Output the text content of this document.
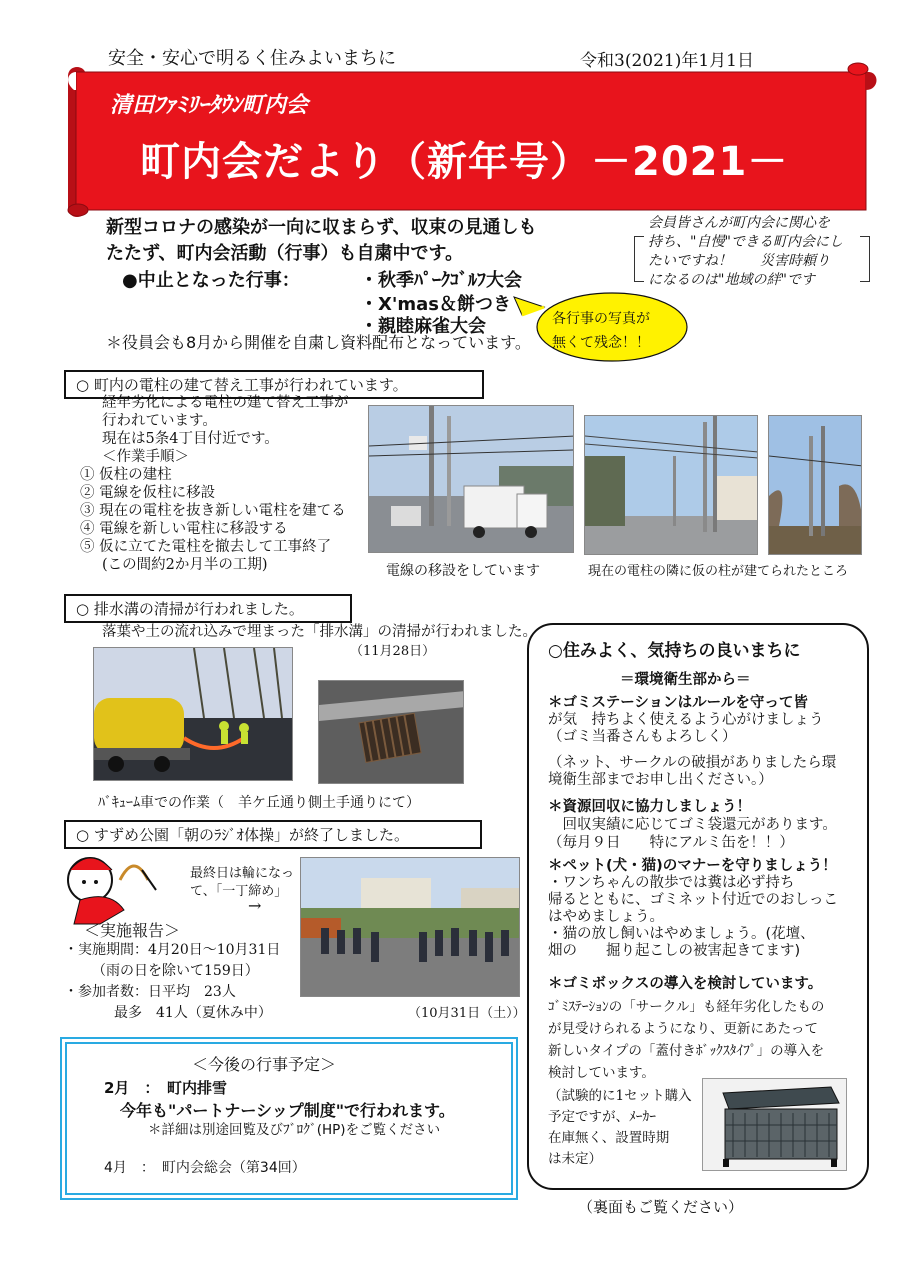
安全・安心で明るく住みよいまちに	令和3(2021)年1月1日
清田ﾌｧﾐﾘｰﾀｳﾝ町内会
町内会だより（新年号）－2021－
新型コロナの感染が一向に収まらず、収束の見通しも
たたず、町内会活動（行事）も自粛中です。
●中止となった行事：	・秋季ﾊﾟｰｸｺﾞﾙﾌ大会
・X'mas＆餅つき
・親睦麻雀大会
＊役員会も8月から開催を自粛し資料配布となっています。
各行事の写真が
無くて残念！！
会員皆さんが町内会に関心を
持ち、"自慢"できる町内会にし
たいですね！　　災害時頼り
になるのは"地域の絆"です
○ 町内の電柱の建て替え工事が行われています。
経年劣化による電柱の建て替え工事が
行われています。
現在は5条4丁目付近です。
＜作業手順＞
① 仮柱の建柱
② 電線を仮柱に移設
③ 現在の電柱を抜き新しい電柱を建てる
④ 電線を新しい電柱に移設する
⑤ 仮に立てた電柱を撤去して工事終了
(この間約2か月半の工期)	電線の移設をしています	現在の電柱の隣に仮の柱が建てられたところ
○ 排水溝の清掃が行われました。
落葉や土の流れ込みで埋まった「排水溝」の清掃が行われました。
（11月28日）
ﾊﾞｷｭｰﾑ車での作業（　羊ケ丘通り側土手通りにて）
○ すずめ公園「朝のﾗｼﾞｵ体操」が終了しました。
最終日は輪になっ
て、「一丁締め」
→
＜実施報告＞
・実施期間：4月20日～10月31日
（雨の日を除いて159日）
・参加者数：日平均　23人
最多　41人（夏休み中）	（10月31日（土））
＜今後の行事予定＞
2月　：　町内排雪
今年も"パートナーシップ制度"で行われます。
＊詳細は別途回覧及びﾌﾞﾛｸﾞ(HP)をご覧ください
4月　：　町内会総会（第34回）
○住みよく、気持ちの良いまちに
＝環境衛生部から＝
＊ゴミステーションはルールを守って皆
が気　持ちよく使えるよう心がけましょう
（ゴミ当番さんもよろしく）
（ネット、サークルの破損がありましたら環
境衛生部までお申し出ください。）
＊資源回収に協力しましょう！
　回収実績に応じてゴミ袋還元があります。
（毎月９日　　特にアルミ缶を！！）
＊ペット(犬・猫)のマナーを守りましょう！
・ワンちゃんの散歩では糞は必ず持ち
帰るとともに、ゴミネット付近でのおしっこ
はやめましょう。
・猫の放し飼いはやめましょう。(花壇、
畑の　　掘り起こしの被害起きてます)
＊ゴミボックスの導入を検討しています。
ｺﾞﾐｽﾃｰｼｮﾝの「サークル」も経年劣化したもの
が見受けられるようになり、更新にあたって
新しいタイプの「蓋付きﾎﾞｯｸｽﾀｲﾌﾟ」の導入を
検討しています。
（試験的に1セット購入
予定ですが、ﾒｰｶｰ
在庫無く、設置時期
は未定）
（裏面もご覧ください）
